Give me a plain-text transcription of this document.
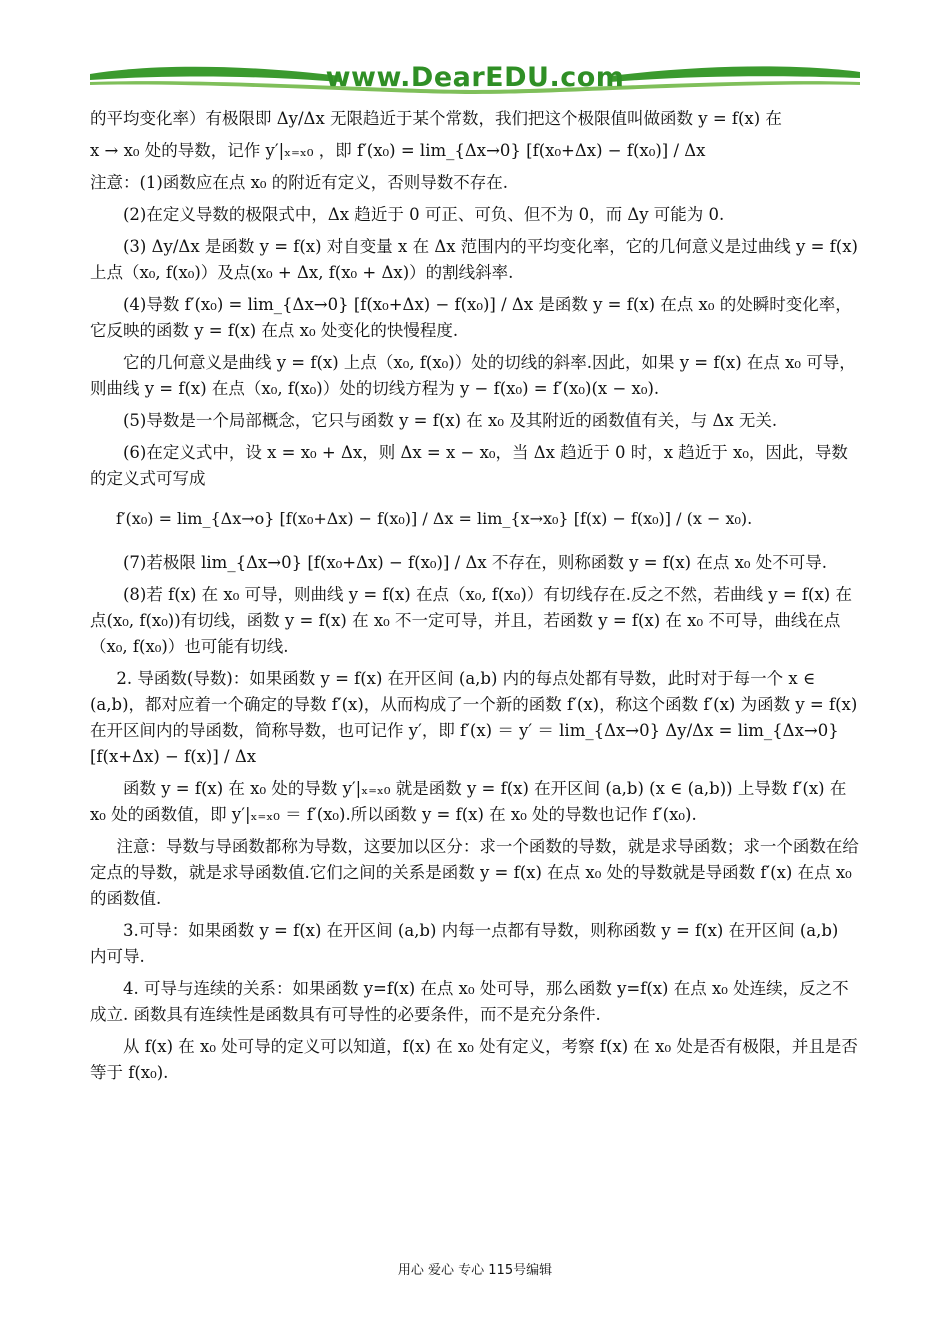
www.DearEDU.com

的平均变化率）有极限即 Δy/Δx 无限趋近于某个常数，我们把这个极限值叫做函数 y = f(x) 在

x → x₀ 处的导数，记作 y′|ₓ₌ₓ₀ ，即 f′(x₀) = lim_{Δx→0} [f(x₀+Δx) − f(x₀)] / Δx

注意：(1)函数应在点 x₀ 的附近有定义，否则导数不存在.

(2)在定义导数的极限式中，Δx 趋近于 0 可正、可负、但不为 0，而 Δy 可能为 0.

(3) Δy/Δx 是函数 y = f(x) 对自变量 x 在 Δx 范围内的平均变化率，它的几何意义是过曲线 y = f(x) 上点（x₀, f(x₀)）及点(x₀ + Δx, f(x₀ + Δx)）的割线斜率.

(4)导数 f′(x₀) = lim_{Δx→0} [f(x₀+Δx) − f(x₀)] / Δx 是函数 y = f(x) 在点 x₀ 的处瞬时变化率，它反映的函数 y = f(x) 在点 x₀ 处变化的快慢程度.

它的几何意义是曲线 y = f(x) 上点（x₀, f(x₀)）处的切线的斜率.因此，如果 y = f(x) 在点 x₀ 可导，则曲线 y = f(x) 在点（x₀, f(x₀)）处的切线方程为 y − f(x₀) = f′(x₀)(x − x₀).

(5)导数是一个局部概念，它只与函数 y = f(x) 在 x₀ 及其附近的函数值有关，与 Δx 无关.

(6)在定义式中，设 x = x₀ + Δx，则 Δx = x − x₀，当 Δx 趋近于 0 时，x 趋近于 x₀，因此，导数的定义式可写成

f′(x₀) = lim_{Δx→o} [f(x₀+Δx) − f(x₀)] / Δx = lim_{x→x₀} [f(x) − f(x₀)] / (x − x₀).

(7)若极限 lim_{Δx→0} [f(x₀+Δx) − f(x₀)] / Δx 不存在，则称函数 y = f(x) 在点 x₀ 处不可导.

(8)若 f(x) 在 x₀ 可导，则曲线 y = f(x) 在点（x₀, f(x₀)）有切线存在.反之不然，若曲线 y = f(x) 在点(x₀, f(x₀))有切线，函数 y = f(x) 在 x₀ 不一定可导，并且，若函数 y = f(x) 在 x₀ 不可导，曲线在点（x₀, f(x₀)）也可能有切线.

2. 导函数(导数)：如果函数 y = f(x) 在开区间 (a,b) 内的每点处都有导数，此时对于每一个 x ∈ (a,b)，都对应着一个确定的导数 f′(x)，从而构成了一个新的函数 f′(x)，称这个函数 f′(x) 为函数 y = f(x) 在开区间内的导函数，简称导数，也可记作 y′，即 f′(x) ＝ y′ ＝ lim_{Δx→0} Δy/Δx = lim_{Δx→0} [f(x+Δx) − f(x)] / Δx

函数 y = f(x) 在 x₀ 处的导数 y′|ₓ₌ₓ₀ 就是函数 y = f(x) 在开区间 (a,b) (x ∈ (a,b)) 上导数 f′(x) 在 x₀ 处的函数值，即 y′|ₓ₌ₓ₀ ＝ f′(x₀).所以函数 y = f(x) 在 x₀ 处的导数也记作 f′(x₀).

注意：导数与导函数都称为导数，这要加以区分：求一个函数的导数，就是求导函数；求一个函数在给定点的导数，就是求导函数值.它们之间的关系是函数 y = f(x) 在点 x₀ 处的导数就是导函数 f′(x) 在点 x₀ 的函数值.

3.可导：如果函数 y = f(x) 在开区间 (a,b) 内每一点都有导数，则称函数 y = f(x) 在开区间 (a,b) 内可导.

4. 可导与连续的关系：如果函数 y=f(x) 在点 x₀ 处可导，那么函数 y=f(x) 在点 x₀ 处连续，反之不成立. 函数具有连续性是函数具有可导性的必要条件，而不是充分条件.

从 f(x) 在 x₀ 处可导的定义可以知道，f(x) 在 x₀ 处有定义，考察 f(x) 在 x₀ 处是否有极限，并且是否等于 f(x₀).

用心 爱心 专心 115号编辑
